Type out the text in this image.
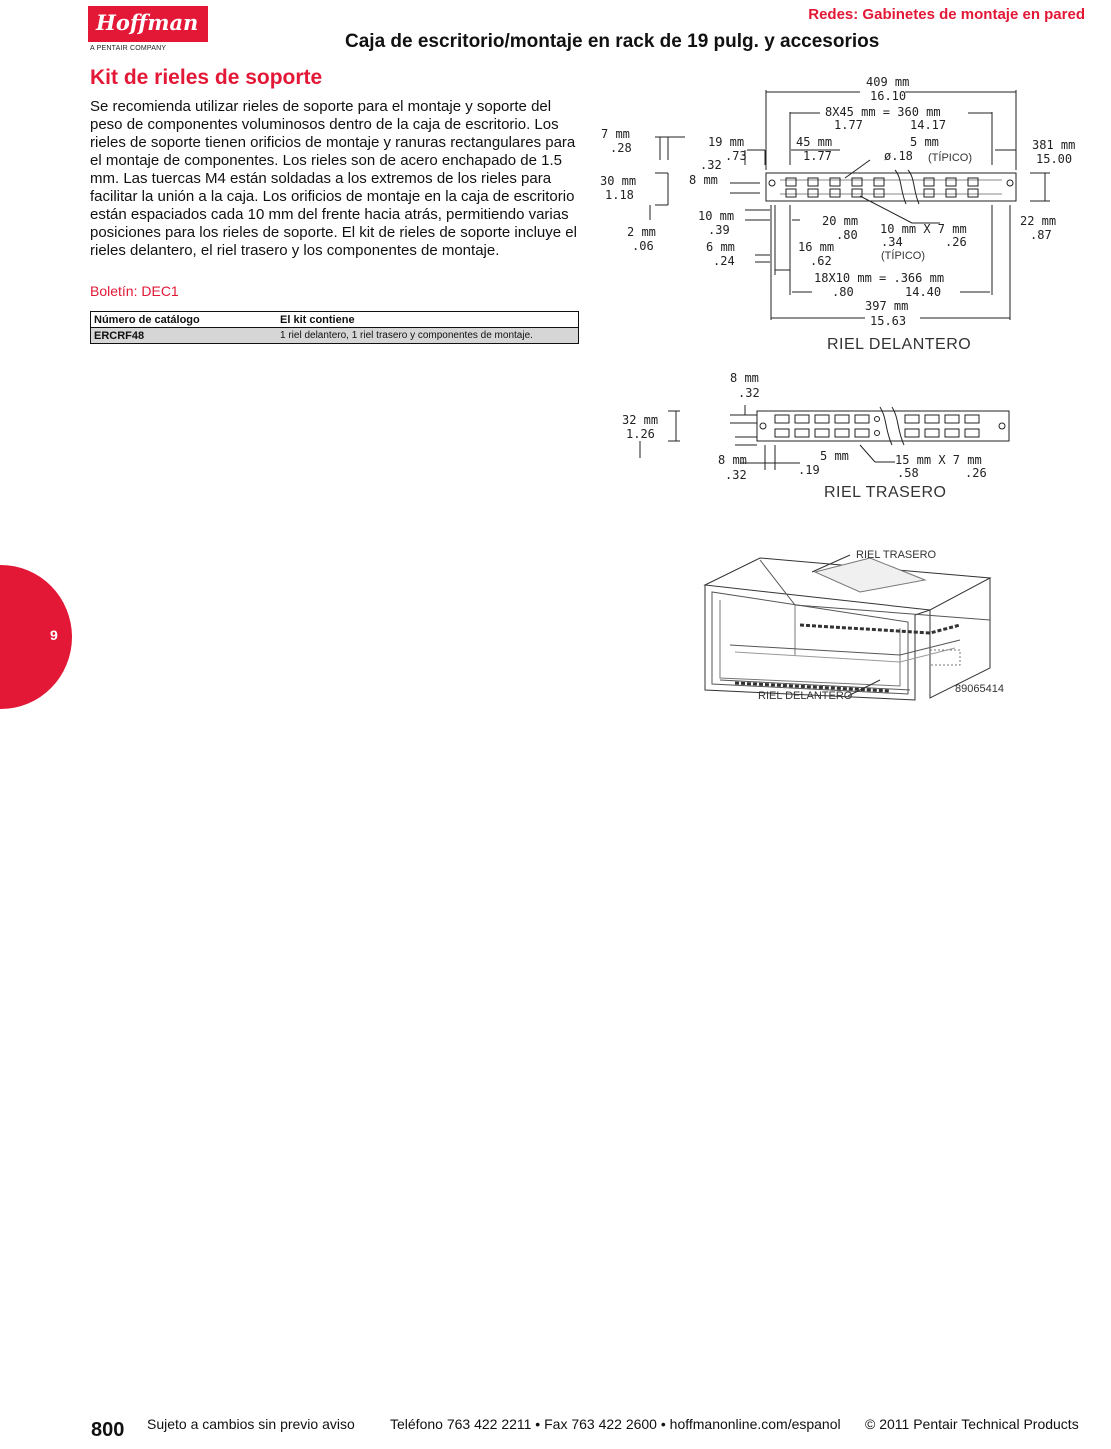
Hoffman
A PENTAIR COMPANY
Redes: Gabinetes de montaje en pared
Caja de escritorio/montaje en rack de 19 pulg. y accesorios
Kit de rieles de soporte
Se recomienda utilizar rieles de soporte para el montaje y soporte del peso de componentes voluminosos dentro de la caja de escritorio. Los rieles de soporte tienen orificios de montaje y ranuras rectangulares para el montaje de componentes. Los rieles son de acero enchapado de 1.5 mm. Las tuercas M4 están soldadas a los extremos de los rieles para facilitar la unión a la caja. Los orificios de montaje en la caja de escritorio están espaciados cada 10 mm del frente hacia atrás, permitiendo varias posiciones para los rieles de soporte. El kit de rieles de soporte incluye el rieles delantero, el riel trasero y los componentes de montaje.
Boletín: DEC1
Número de catálogo	El kit contiene
ERCRF48	1 riel delantero, 1 riel trasero y componentes de montaje.
409 mm
16.10
8X45 mm = 360 mm
1.77	14.17
19 mm
.73
45 mm
1.77
5 mm
ø.18 (TÍPICO)
381 mm
15.00
7 mm
.28
.32
8 mm
30 mm
1.18
2 mm
.06
10 mm
.39
20 mm
.80 10 mm X 7 mm
.34	.26
(TÍPICO)
22 mm
.87
6 mm
.24
16 mm
.62
18X10 mm = .366 mm
.80	14.40
397 mm
15.63
RIEL DELANTERO
8 mm
.32
32 mm
1.26
8 mm
.32
5 mm
.19
15 mm X 7 mm
.58	.26
RIEL TRASERO
RIEL TRASERO
RIEL DELANTERO
89065414
9
800 Sujeto a cambios sin previo aviso	Teléfono 763 422 2211 • Fax 763 422 2600 • hoffmanonline.com/espanol © 2011 Pentair Technical Products
